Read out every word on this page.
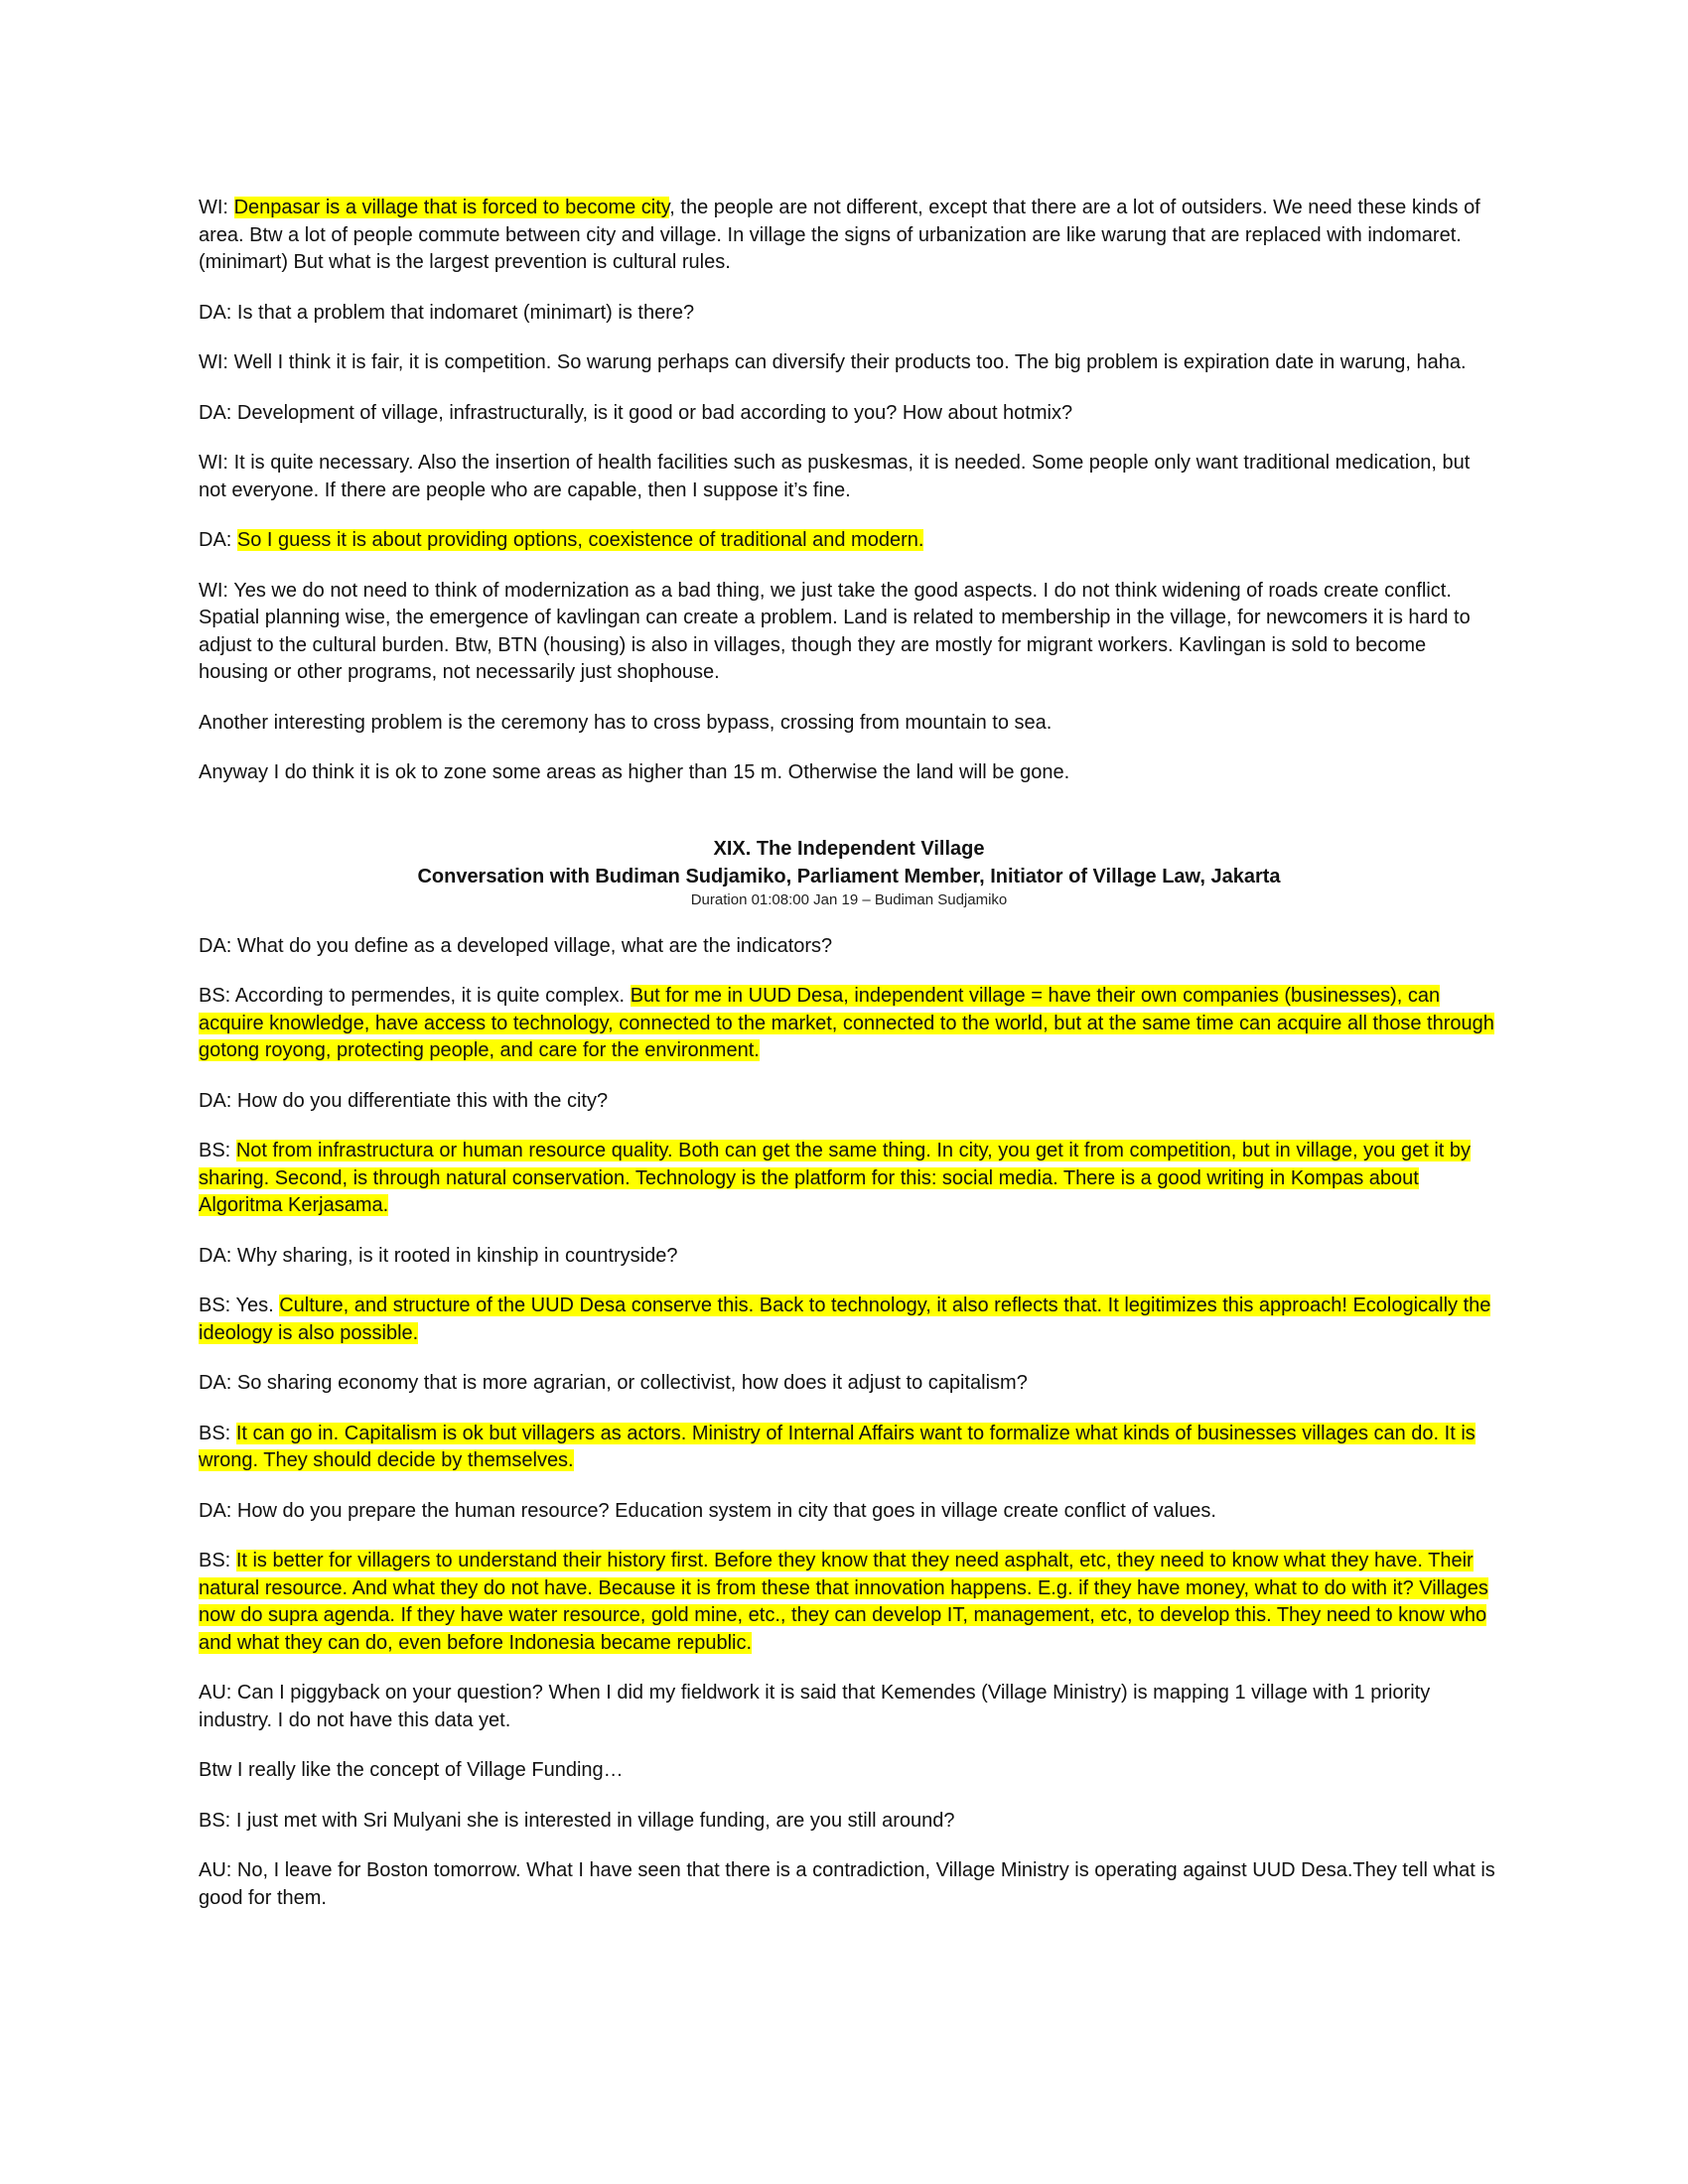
WI: Denpasar is a village that is forced to become city, the people are not different, except that there are a lot of outsiders. We need these kinds of area. Btw a lot of people commute between city and village. In village the signs of urbanization are like warung that are replaced with indomaret. (minimart) But what is the largest prevention is cultural rules.

DA: Is that a problem that indomaret (minimart) is there?

WI: Well I think it is fair, it is competition. So warung perhaps can diversify their products too. The big problem is expiration date in warung, haha.

DA: Development of village, infrastructurally, is it good or bad according to you? How about hotmix?

WI: It is quite necessary. Also the insertion of health facilities such as puskesmas, it is needed. Some people only want traditional medication, but not everyone. If there are people who are capable, then I suppose it’s fine.

DA: So I guess it is about providing options, coexistence of traditional and modern.

WI: Yes we do not need to think of modernization as a bad thing, we just take the good aspects. I do not think widening of roads create conflict. Spatial planning wise, the emergence of kavlingan can create a problem. Land is related to membership in the village, for newcomers it is hard to adjust to the cultural burden. Btw, BTN (housing) is also in villages, though they are mostly for migrant workers. Kavlingan is sold to become housing or other programs, not necessarily just shophouse.

Another interesting problem is the ceremony has to cross bypass, crossing from mountain to sea.

Anyway I do think it is ok to zone some areas as higher than 15 m. Otherwise the land will be gone.

XIX. The Independent Village
Conversation with Budiman Sudjamiko, Parliament Member, Initiator of Village Law, Jakarta
Duration 01:08:00 Jan 19 – Budiman Sudjamiko

DA: What do you define as a developed village, what are the indicators?

BS: According to permendes, it is quite complex. But for me in UUD Desa, independent village = have their own companies (businesses), can acquire knowledge, have access to technology, connected to the market, connected to the world, but at the same time can acquire all those through gotong royong, protecting people, and care for the environment.

DA: How do you differentiate this with the city?

BS: Not from infrastructura or human resource quality. Both can get the same thing. In city, you get it from competition, but in village, you get it by sharing. Second, is through natural conservation. Technology is the platform for this: social media. There is a good writing in Kompas about Algoritma Kerjasama.

DA: Why sharing, is it rooted in kinship in countryside?

BS: Yes. Culture, and structure of the UUD Desa conserve this. Back to technology, it also reflects that. It legitimizes this approach! Ecologically the ideology is also possible.

DA: So sharing economy that is more agrarian, or collectivist, how does it adjust to capitalism?

BS: It can go in. Capitalism is ok but villagers as actors. Ministry of Internal Affairs want to formalize what kinds of businesses villages can do. It is wrong. They should decide by themselves.

DA: How do you prepare the human resource? Education system in city that goes in village create conflict of values.

BS: It is better for villagers to understand their history first. Before they know that they need asphalt, etc, they need to know what they have. Their natural resource. And what they do not have. Because it is from these that innovation happens. E.g. if they have money, what to do with it? Villages now do supra agenda. If they have water resource, gold mine, etc., they can develop IT, management, etc, to develop this. They need to know who and what they can do, even before Indonesia became republic.

AU: Can I piggyback on your question? When I did my fieldwork it is said that Kemendes (Village Ministry) is mapping 1 village with 1 priority industry. I do not have this data yet.

Btw I really like the concept of Village Funding…

BS: I just met with Sri Mulyani she is interested in village funding, are you still around?

AU: No, I leave for Boston tomorrow. What I have seen that there is a contradiction, Village Ministry is operating against UUD Desa.They tell what is good for them.
